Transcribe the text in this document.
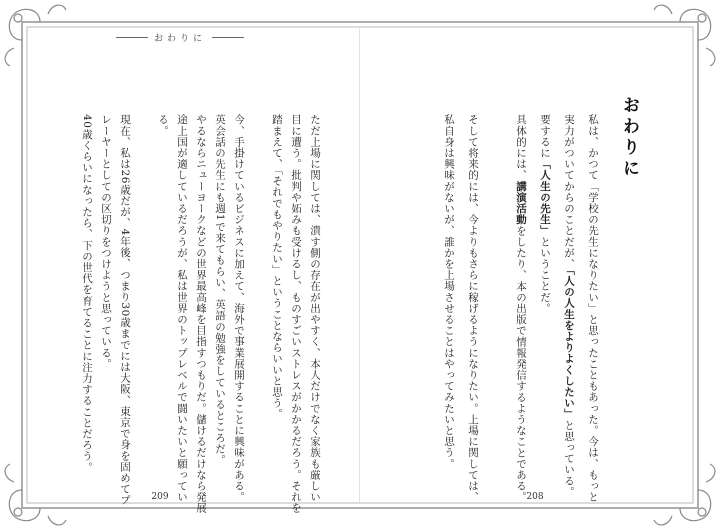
おわりに
おわりに
私は、かつて「学校の先生になりたい」と思ったこともあった。今は、もっと
実力がついてからのことだが、「人の人生をよりよくしたい」と思っている。
要するに「人生の先生」ということだ。
具体的には、講演活動をしたり、本の出版で情報発信するようなことである。
そして将来的には、今よりもさらに稼げるようになりたい。上場に関しては、
私自身は興味がないが、誰かを上場させることはやってみたいと思う。
ただ上場に関しては、潰す側の存在が出やすく、本人だけでなく家族も厳しい
目に遭う。批判や妬みも受けるし、ものすごいストレスがかかるだろう。それを
踏まえて、「それでもやりたい」ということならいいと思う。
今、手掛けているビジネスに加えて、海外で事業展開することに興味がある。
英会話の先生にも週1で来てもらい、英語の勉強をしているところだ。
やるならニューヨークなどの世界最高峰を目指すつもりだ。儲けるだけなら発展
途上国が適しているだろうが、私は世界のトップレベルで闘いたいと願ってい
る。
現在、私は26歳だが、4年後、つまり30歳までには大阪、東京で身を固めてプ
レーヤーとしての区切りをつけようと思っている。
40歳くらいになったら、下の世代を育てることに注力することだろう。
209	208
